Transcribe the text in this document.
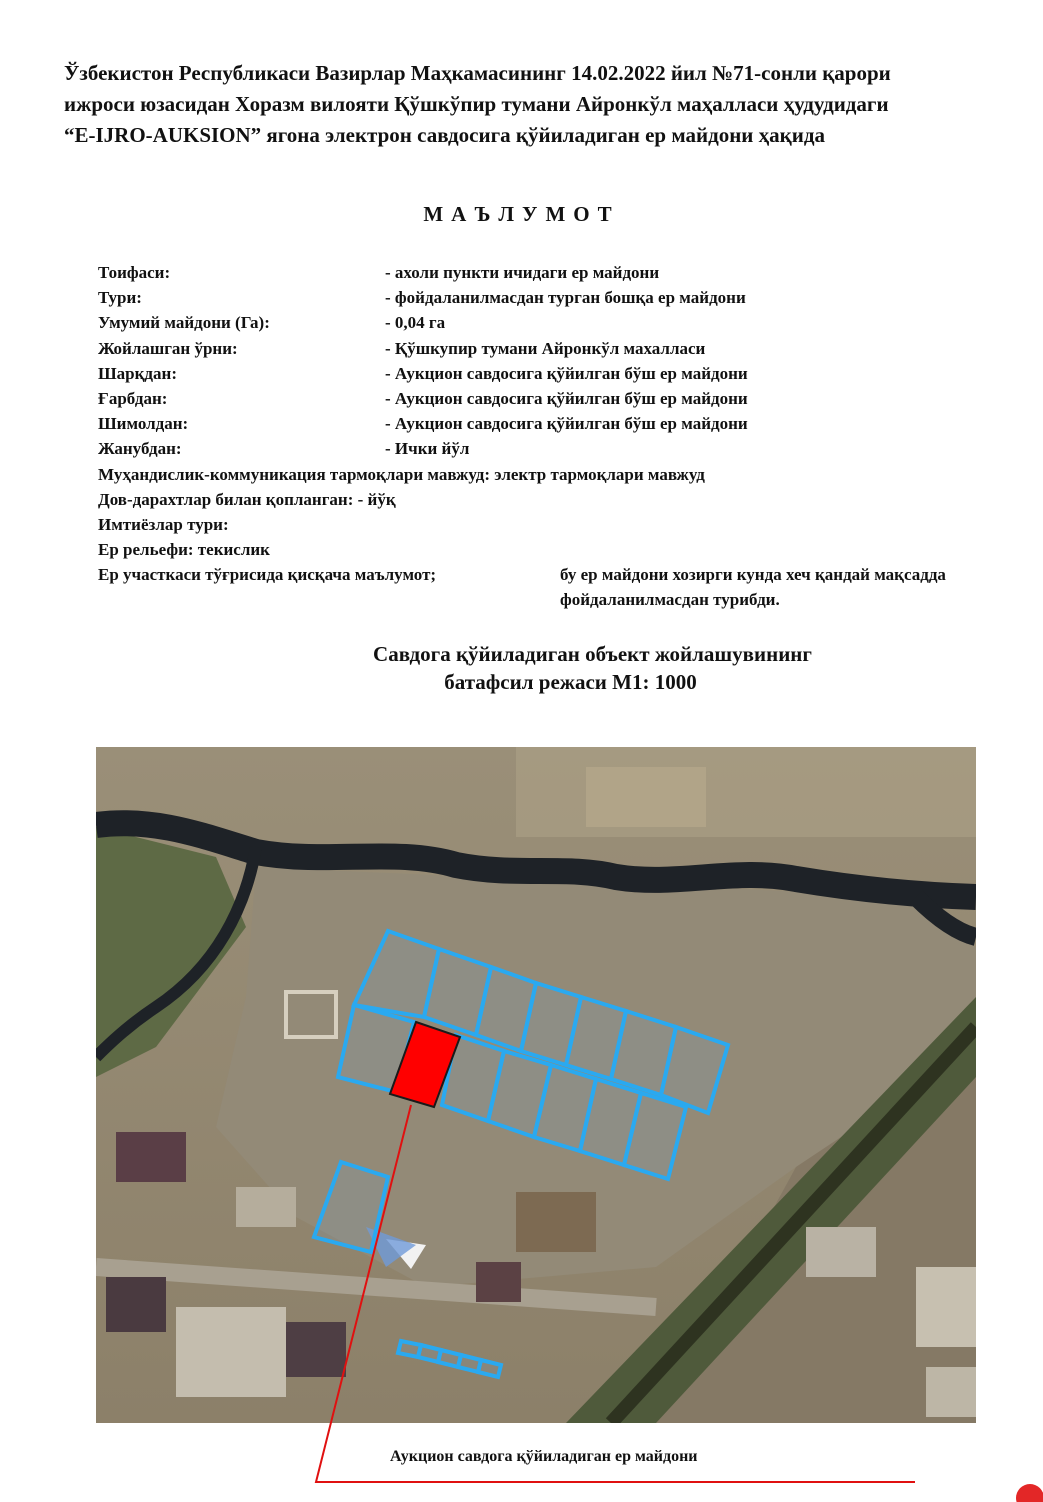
Ўзбекистон Республикаси Вазирлар Маҳкамасининг 14.02.2022 йил №71-сонли қарори
ижроси юзасидан Хоразм вилояти Қўшкўпир тумани Айронкўл маҳалласи ҳудудидаги
“E-IJRO-AUKSION” ягона электрон савдосига қўйиладиган ер майдони ҳақида
МАЪЛУМОТ
Тоифаси:	- ахоли пункти ичидаги ер майдони
Тури:	- фойдаланилмасдан турган бошқа ер майдони
Умумий майдони (Га):	- 0,04 га
Жойлашган ўрни:	- Қўшкупир тумани Айронкўл махалласи
Шарқдан:	- Аукцион савдосига қўйилган бўш ер майдони
Ғарбдан:	- Аукцион савдосига қўйилган бўш ер майдони
Шимолдан:	- Аукцион савдосига қўйилган бўш ер майдони
Жанубдан:	- Ички йўл
Муҳандислик-коммуникация тармоқлари мавжуд: электр тармоқлари мавжуд
Дов-дарахтлар билан қопланган: - йўқ
Имтиёзлар тури:
Ер рельефи: текислик
Ер участкаси тўғрисида қисқача маълумот;	бу ер майдони хозирги кунда хеч қандай мақсадда
фойдаланилмасдан турибди.
Савдога қўйиладиган объект жойлашувининг
батафсил режаси М1: 1000
Аукцион савдога қўйиладиган ер майдони
